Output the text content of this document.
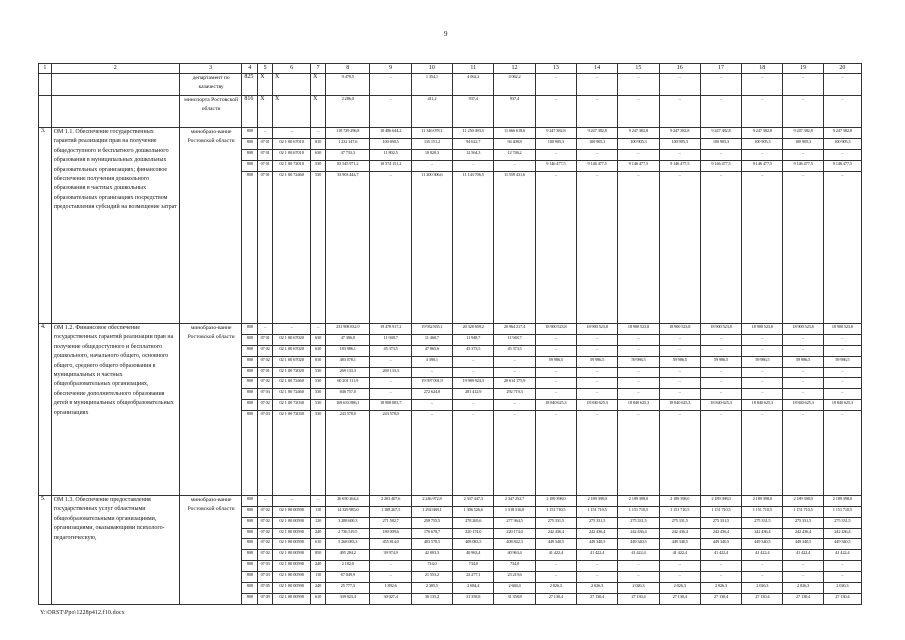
9
1	2	3	4	5	6	7	8	9	10	11	12	13	14	15	16	17	18	19	20
		департамент по казачеству	825	X	X	X	9 478,5	–	1 354,1	4 062,2	4 062,2	–	–	–	–	–	–	–	–
		минспорта Ростовской области	816	X	X	X	2 286,0	–	411,2	937,4	937,4	–	–	–	–	–	–	–	–
3.	ОМ 1.1. Обеспечение государственных гарантий реализации прав на получение общедоступного и бесплатного дошкольного образования в муниципальных дошкольных образовательных организациях; финансовое обеспечение получения дошкольного образования в частных дошкольных образовательных организациях посредством предоставления субсидий на возмещение затрат	минобразо-вание Ростовской области	808	–	–	–	118 729 296,8	10 486 644,2	11 346 078,1	11 250 493,5	11 666 618,6	9 247 382,8	9 247 382,8	9 247 382,8	9 247 382,8	9 247 382,8	9 247 382,8	9 247 382,8	9 247 382,8
			808	07 01	02 1 00 67010	810	1 232 147,6	100 690,5	135 151,2	94 622,7	94 408,8	100 905,3	100 905,3	100 905,3	100 905,3	100 905,3	100 905,3	100 905,3	100 905,3
			808	07 01	02 1 00 67010	630	47 733,3	11 802,5	10 820,3	12 564,3	12 746,2	–	–	–	–	–	–	–	–
			808	07 01	02 1 00 72010	530	83 545 971,2	10 374 151,2	–	–	–	9 146 477,5	9 146 477,5	9 146 477,5	9 146 477,5	9 146 477,5	9 146 477,5	9 146 477,5	9 146 477,5
			808	07 01	02 1 00 72460	530	33 903 444,7	–	11 200 306,6	11 143 706,5	11 559 431,6	–	–	–	–	–	–	–	–
4.	ОМ 1.2. Финансовое обеспечение государственных гарантий реализации прав на получение общедоступного и бесплатного дошкольного, начального общего, основного общего, среднего общего образования в муниципальных и частных общеобразовательных организациях, обеспечение дополнительного образования детей в муниципальных общеобразовательных организациях	минобразо-вание Ростовской области	808	–	–	–	231 908 832,9	19 478 917,2	19 932 855,1	20 328 659,2	20 964 217,4	18 900 523,8	18 900 523,8	18 900 523,8	18 900 523,8	18 900 523,8	18 900 523,8	18 900 523,8	18 900 523,8
			808	07 01	02 1 00 67020	630	47 306,8	11 948,7	11 460,7	11 948,7	11 948,7	–	–	–	–	–	–	–	–
			808	07 02	02 1 00 67020	630	183 986,1	45 373,5	47 865,6	45 373,5	45 373,5	–	–	–	–	–	–	–	–
			808	07 02	02 1 00 67020	810	483 078,1	–	3 390,1	–	–	59 986,5	59 986,5	59 986,5	59 986,5	59 986,5	59 986,5	59 986,5	59 986,5
			808	07 01	02 1 00 72020	530	269 133,3	269 133,3	–	–	–	–	–	–	–	–	–	–	–
			808	07 02	02 1 00 72460	530	60 201 111,9	–	19 597 001,9	19 989 924,3	20 614 175,9	–	–	–	–	–	–	–	–
			808	07 03	02 1 00 72460	530	846 757,0	–	272 624,8	281 412,9	292 719,3	–	–	–	–	–	–	–	–
			808	07 02	02 1 00 72030	530	169 633 886,1	18 908 883,7	–	–	–	18 840 625,3	18 840 625,3	18 840 625,3	18 840 625,3	18 840 625,3	18 840 625,3	18 840 625,3	18 840 625,3
			808	07 03	02 1 00 72030	530	243 578,0	243 578,0	–	–	–	–	–	–	–	–	–	–	–
5.	ОМ 1.3. Обеспечение предоставления государственных услуг областными общеобразовательными организациями, организациями, оказывающими психолого-педагогическую,	минобразо-вание Ростовской области	808	–	–	–	26 650 264,4	2 203 407,6	2 246 972,8	2 337 447,3	2 347 252,7	2 189 398,0	2 189 398,0	2 189 398,0	2 189 398,0	2 189 398,0	2 189 398,0	2 189 398,0	2 189 398,0
			808	07 02	02 1 00 00590	110	14 329 985,0	1 188 267,5	1 292 688,1	1 306 526,6	1 318 516,8	1 151 710,5	1 151 710,5	1 151 710,5	1 151 710,5	1 151 710,5	1 151 710,5	1 151 710,5	1 151 710,5
			808	07 02	02 1 00 00590	120	3 288 600,3	271 582,7	258 755,5	278 265,6	277 364,5	275 331,5	275 331,5	275 331,5	275 331,5	275 331,5	275 331,5	275 331,5	275 331,5
			808	07 02	02 1 00 00590	240	2 736 519,5	180 009,6	176 670,7	220 174,0	220 174,0	242 436,4	242 436,4	242 436,4	242 436,4	242 436,4	242 436,4	242 436,4	242 436,4
			808	07 02	02 1 00 00590	610	5 268 083,3	455 814,0	403 570,5	408 083,5	408 842,3	449 340,5	449 340,5	449 340,5	449 340,5	449 340,5	449 340,5	449 340,5	449 340,5
			808	07 02	02 1 00 00590	850	495 284,2	39 974,9	42 003,3	40 963,4	40 963,4	41 422,4	41 422,4	41 422,4	41 422,4	41 422,4	41 422,4	41 422,4	41 422,4
			808	07 03	02 1 00 00590	240	2 182,0	–	714,0	734,0	734,0	–	–	–	–	–	–	–	–
			808	07 03	02 1 00 00590	110	67 049,9	–	21 553,2	22 277,1	23 219,6	–	–	–	–	–	–	–	–
			808	07 05	02 1 00 00590	240	25 777,3	1 892,6	2 305,5	2 684,4	2 684,4	2 026,3	2 026,3	2 026,3	2 026,3	2 026,3	2 026,3	2 026,3	2 026,3
			808	07 09	02 1 00 00590	610	339 923,4	30 027,4	30 135,2	31 358,8	31 358,8	27 130,4	27 130,4	27 130,4	27 130,4	27 130,4	27 130,4	27 130,4	27 130,4
Y:\ORST\Ppo\1228p412.f10.docx
